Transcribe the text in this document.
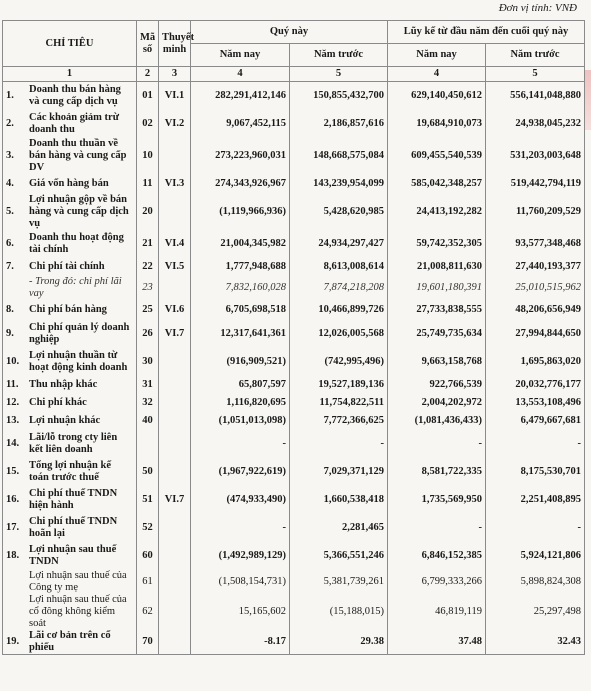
Đơn vị tính: VNĐ
CHỈ TIÊU	Mã số	Thuyết minh	Quý này		Lũy kế từ đầu năm đến cuối quý này	
			Năm nay	Năm trước	Năm nay	Năm trước
1	2	3	4	5	4	5

1.
Doanh thu bán hàng và cung cấp dịch vụ	01	VI.1	282,291,412,146	150,855,432,700	629,140,450,612	556,141,048,880

2.
Các khoản giảm trừ doanh thu	02	VI.2	9,067,452,115	2,186,857,616	19,684,910,073	24,938,045,232

3.
Doanh thu thuần về bán hàng và cung cấp DV	10		273,223,960,031	148,668,575,084	609,455,540,539	531,203,003,648

4. Giá vốn hàng bán	11	VI.3	274,343,926,967	143,239,954,099	585,042,348,257	519,442,794,119

5.
Lợi nhuận gộp về bán hàng và cung cấp dịch vụ	20		(1,119,966,936)	5,428,620,985	24,413,192,282	11,760,209,529

6.
Doanh thu hoạt động tài chính	21	VI.4	21,004,345,982	24,934,297,427	59,742,352,305	93,577,348,468

7. Chi phí tài chính	22	VI.5	1,777,948,688	8,613,008,614	21,008,811,630	27,440,193,377

- Trong đó: chi phí lãi vay	23		7,832,160,028	7,874,218,208	19,601,180,391	25,010,515,962

8. Chi phí bán hàng	25	VI.6	6,705,698,518	10,466,899,726	27,733,838,555	48,206,656,949

9.
Chi phí quản lý doanh nghiệp	26	VI.7	12,317,641,361	12,026,005,568	25,749,735,634	27,994,844,650

10.
Lợi nhuận thuần từ hoạt động kinh doanh	30		(916,909,521)	(742,995,496)	9,663,158,768	1,695,863,020

11. Thu nhập khác	31		65,807,597	19,527,189,136	922,766,539	20,032,776,177

12. Chi phí khác	32		1,116,820,695	11,754,822,511	2,004,202,972	13,553,108,496

13. Lợi nhuận khác	40		(1,051,013,098)	7,772,366,625	(1,081,436,433)	6,479,667,681

14.
Lãi/lỗ trong cty liên kết liên doanh			-	-	-	-

15.
Tổng lợi nhuận kế toán trước thuế	50		(1,967,922,619)	7,029,371,129	8,581,722,335	8,175,530,701

16.
Chi phí thuế TNDN hiện hành	51	VI.7	(474,933,490)	1,660,538,418	1,735,569,950	2,251,408,895

17.
Chi phí thuế TNDN hoãn lại	52		-	2,281,465	-	-

18.
Lợi nhuận sau thuế TNDN	60		(1,492,989,129)	5,366,551,246	6,846,152,385	5,924,121,806

Lợi nhuận sau thuế của Công ty mẹ	61		(1,508,154,731)	5,381,739,261	6,799,333,266	5,898,824,308

Lợi nhuận sau thuế của cổ đông không kiểm soát	62		15,165,602	(15,188,015)	46,819,119	25,297,498

19.
Lãi cơ bản trên cổ phiếu	70		-8.17	29.38	37.48	32.43
